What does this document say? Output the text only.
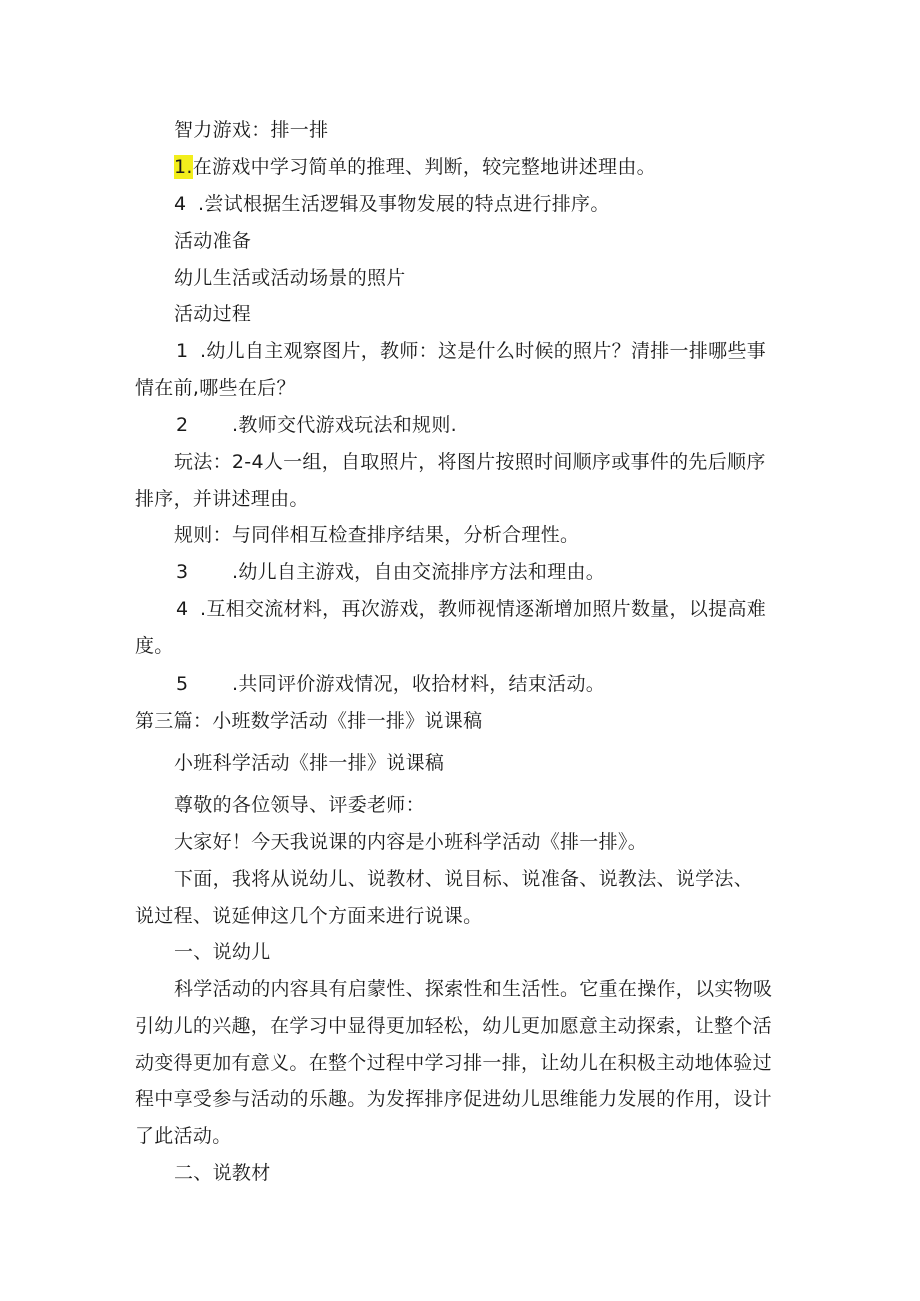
智力游戏：排一排
1.在游戏中学习简单的推理、判断，较完整地讲述理由。
4 .尝试根据生活逻辑及事物发展的特点进行排序。
活动准备
幼儿生活或活动场景的照片
活动过程
1 .幼儿自主观察图片，教师：这是什么时候的照片？清排一排哪些事
情在前,哪些在后？
2 .教师交代游戏玩法和规则.
玩法：2-4人一组，自取照片，将图片按照时间顺序或事件的先后顺序
排序，并讲述理由。
规则：与同伴相互检查排序结果，分析合理性。
3 .幼儿自主游戏，自由交流排序方法和理由。
4 .互相交流材料，再次游戏，教师视情逐渐增加照片数量，以提高难
度。
5 .共同评价游戏情况，收拾材料，结束活动。
第三篇：小班数学活动《排一排》说课稿
小班科学活动《排一排》说课稿
尊敬的各位领导、评委老师：
大家好！今天我说课的内容是小班科学活动《排一排》。
下面，我将从说幼儿、说教材、说目标、说准备、说教法、说学法、
说过程、说延伸这几个方面来进行说课。
一、说幼儿
科学活动的内容具有启蒙性、探索性和生活性。它重在操作，以实物吸
引幼儿的兴趣，在学习中显得更加轻松，幼儿更加愿意主动探索，让整个活
动变得更加有意义。在整个过程中学习排一排，让幼儿在积极主动地体验过
程中享受参与活动的乐趣。为发挥排序促进幼儿思维能力发展的作用，设计
了此活动。
二、说教材
